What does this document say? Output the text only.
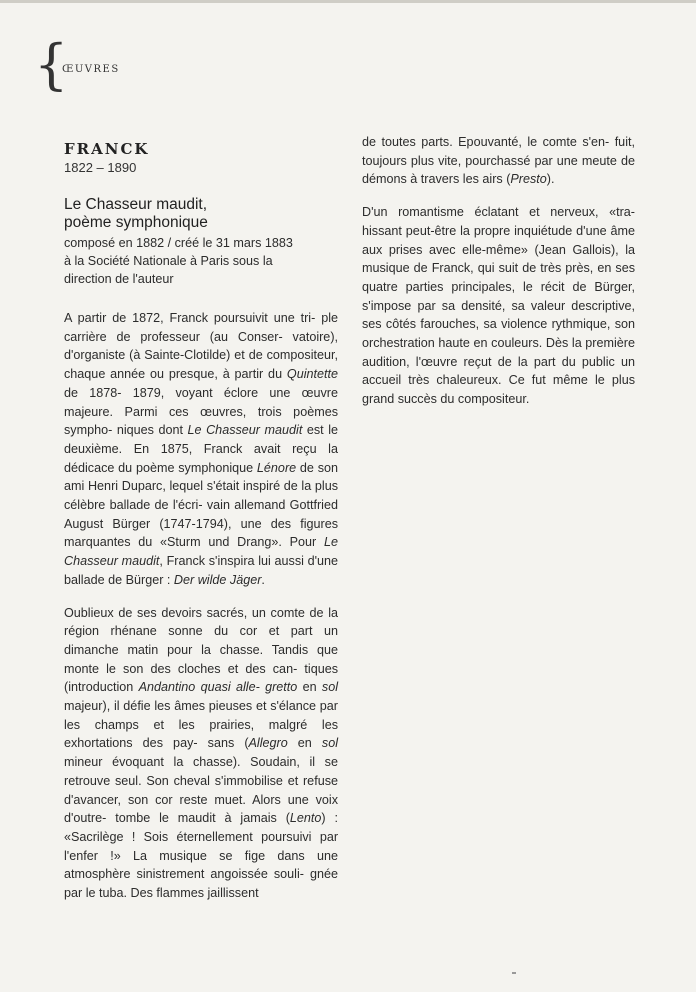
{
ŒUVRES
FRANCK
1822 – 1890
Le Chasseur maudit,
poème symphonique
composé en 1882 / créé le 31 mars 1883
à la Société Nationale à Paris sous la
direction de l'auteur

A partir de 1872, Franck poursuivit une tri- ple carrière de professeur (au Conser- vatoire), d'organiste (à Sainte-Clotilde) et de compositeur, chaque année ou presque, à partir du Quintette de 1878- 1879, voyant éclore une œuvre majeure. Parmi ces œuvres, trois poèmes sympho- niques dont Le Chasseur maudit est le deuxième. En 1875, Franck avait reçu la dédicace du poème symphonique Lénore de son ami Henri Duparc, lequel s'était inspiré de la plus célèbre ballade de l'écri- vain allemand Gottfried August Bürger (1747-1794), une des figures marquantes du «Sturm und Drang». Pour Le Chasseur maudit, Franck s'inspira lui aussi d'une ballade de Bürger : Der wilde Jäger.

Oublieux de ses devoirs sacrés, un comte de la région rhénane sonne du cor et part un dimanche matin pour la chasse. Tandis que monte le son des cloches et des can- tiques (introduction Andantino quasi alle- gretto en sol majeur), il défie les âmes pieuses et s'élance par les champs et les prairies, malgré les exhortations des pay- sans (Allegro en sol mineur évoquant la chasse). Soudain, il se retrouve seul. Son cheval s'immobilise et refuse d'avancer, son cor reste muet. Alors une voix d'outre- tombe le maudit à jamais (Lento) : «Sacrilège ! Sois éternellement poursuivi par l'enfer !» La musique se fige dans une atmosphère sinistrement angoissée souli- gnée par le tuba. Des flammes jaillissent

de toutes parts. Epouvanté, le comte s'en- fuit, toujours plus vite, pourchassé par une meute de démons à travers les airs (Presto).

D'un romantisme éclatant et nerveux, «tra- hissant peut-être la propre inquiétude d'une âme aux prises avec elle-même» (Jean Gallois), la musique de Franck, qui suit de très près, en ses quatre parties principales, le récit de Bürger, s'impose par sa densité, sa valeur descriptive, ses côtés farouches, sa violence rythmique, son orchestration haute en couleurs. Dès la première audition, l'œuvre reçut de la part du public un accueil très chaleureux. Ce fut même le plus grand succès du compositeur.
